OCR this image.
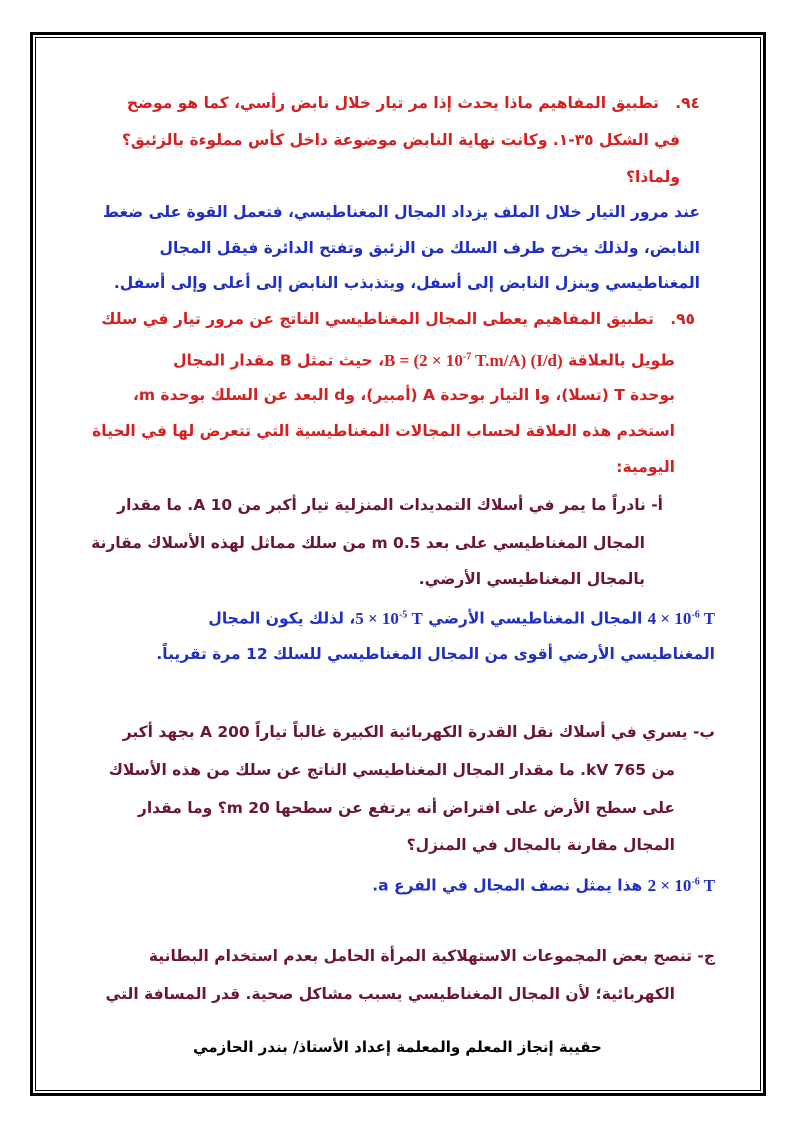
٩٤.   تطبيق المفاهيم ماذا يحدث إذا مر تيار خلال نابض رأسي، كما هو موضح
في الشكل ٣٥-١. وكانت نهاية النابض موضوعة داخل كأس مملوءة بالزئبق؟
ولماذا؟
عند مرور التيار خلال الملف يزداد المجال المغناطيسي، فتعمل القوة على ضغط
النابض، ولذلك يخرج طرف السلك من الزئبق وتفتح الدائرة فيقل المجال
المغناطيسي وينزل النابض إلى أسفل، ويتذبذب النابض إلى أعلى وإلى أسفل.
٩٥.   تطبيق المفاهيم يعطى المجال المغناطيسي الناتج عن مرور تيار في سلك
طويل بالعلاقة $B = (2 \times 10^{-7}$ T.m/A) (I/d)، حيث تمثل B مقدار المجال
بوحدة T (تسلا)، وI التيار بوحدة A (أمبير)، وd البعد عن السلك بوحدة m،
استخدم هذه العلاقة لحساب المجالات المغناطيسية التي تتعرض لها في الحياة
اليومية:
أ- نادراً ما يمر في أسلاك التمديدات المنزلية تيار أكبر من 10 A. ما مقدار
المجال المغناطيسي على بعد 0.5 m من سلك مماثل لهذه الأسلاك مقارنة
بالمجال المغناطيسي الأرضي.
$4 \times 10^{-6}$ T المجال المغناطيسي الأرضي $5 \times 10^{-5}$ T، لذلك يكون المجال
المغناطيسي الأرضي أقوى من المجال المغناطيسي للسلك 12 مرة تقريباً.
ب- يسري في أسلاك نقل القدرة الكهربائية الكبيرة غالباً تياراً 200 A بجهد أكبر
من 765 kV. ما مقدار المجال المغناطيسي الناتج عن سلك من هذه الأسلاك
على سطح الأرض على افتراض أنه يرتفع عن سطحها 20 m؟ وما مقدار
المجال مقارنة بالمجال في المنزل؟
$2 \times 10^{-6}$ T هذا يمثل نصف المجال في الفرع a.
ج- تنصح بعض المجموعات الاستهلاكية المرأة الحامل بعدم استخدام البطانية
الكهربائية؛ لأن المجال المغناطيسي يسبب مشاكل صحية. قدر المسافة التي
حقيبة إنجاز المعلم والمعلمة إعداد الأستاذ/ بندر الحازمي
